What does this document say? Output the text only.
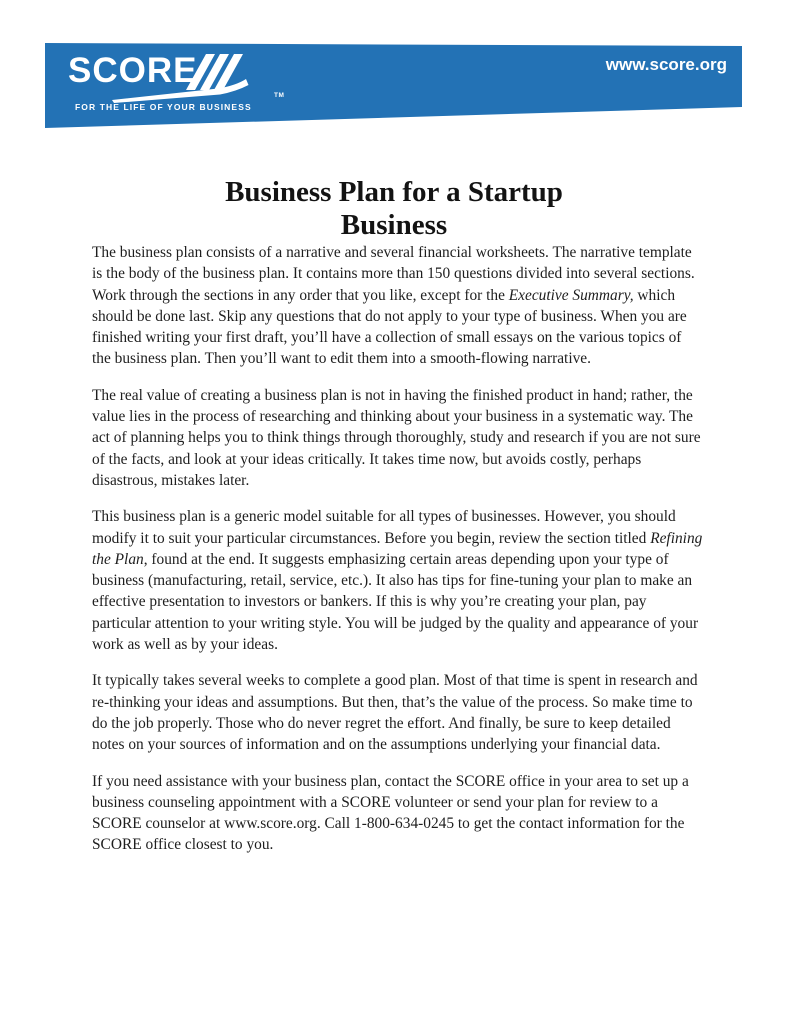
SCORE
TM
FOR THE LIFE OF YOUR BUSINESS
www.score.org
Business Plan for a Startup Business

The business plan consists of a narrative and several financial worksheets. The narrative template is the body of the business plan. It contains more than 150 questions divided into several sections. Work through the sections in any order that you like, except for the Executive Summary, which should be done last. Skip any questions that do not apply to your type of business. When you are finished writing your first draft, you’ll have a collection of small essays on the various topics of the business plan. Then you’ll want to edit them into a smooth-flowing narrative.

The real value of creating a business plan is not in having the finished product in hand; rather, the value lies in the process of researching and thinking about your business in a systematic way. The act of planning helps you to think things through thoroughly, study and research if you are not sure of the facts, and look at your ideas critically. It takes time now, but avoids costly, perhaps disastrous, mistakes later.

This business plan is a generic model suitable for all types of businesses. However, you should modify it to suit your particular circumstances. Before you begin, review the section titled Refining the Plan, found at the end. It suggests emphasizing certain areas depending upon your type of business (manufacturing, retail, service, etc.). It also has tips for fine-tuning your plan to make an effective presentation to investors or bankers. If this is why you’re creating your plan, pay particular attention to your writing style. You will be judged by the quality and appearance of your work as well as by your ideas.

It typically takes several weeks to complete a good plan. Most of that time is spent in research and re-thinking your ideas and assumptions. But then, that’s the value of the process. So make time to do the job properly. Those who do never regret the effort. And finally, be sure to keep detailed notes on your sources of information and on the assumptions underlying your financial data.

If you need assistance with your business plan, contact the SCORE office in your area to set up a business counseling appointment with a SCORE volunteer or send your plan for review to a SCORE counselor at www.score.org. Call 1-800-634-0245 to get the contact information for the SCORE office closest to you.
